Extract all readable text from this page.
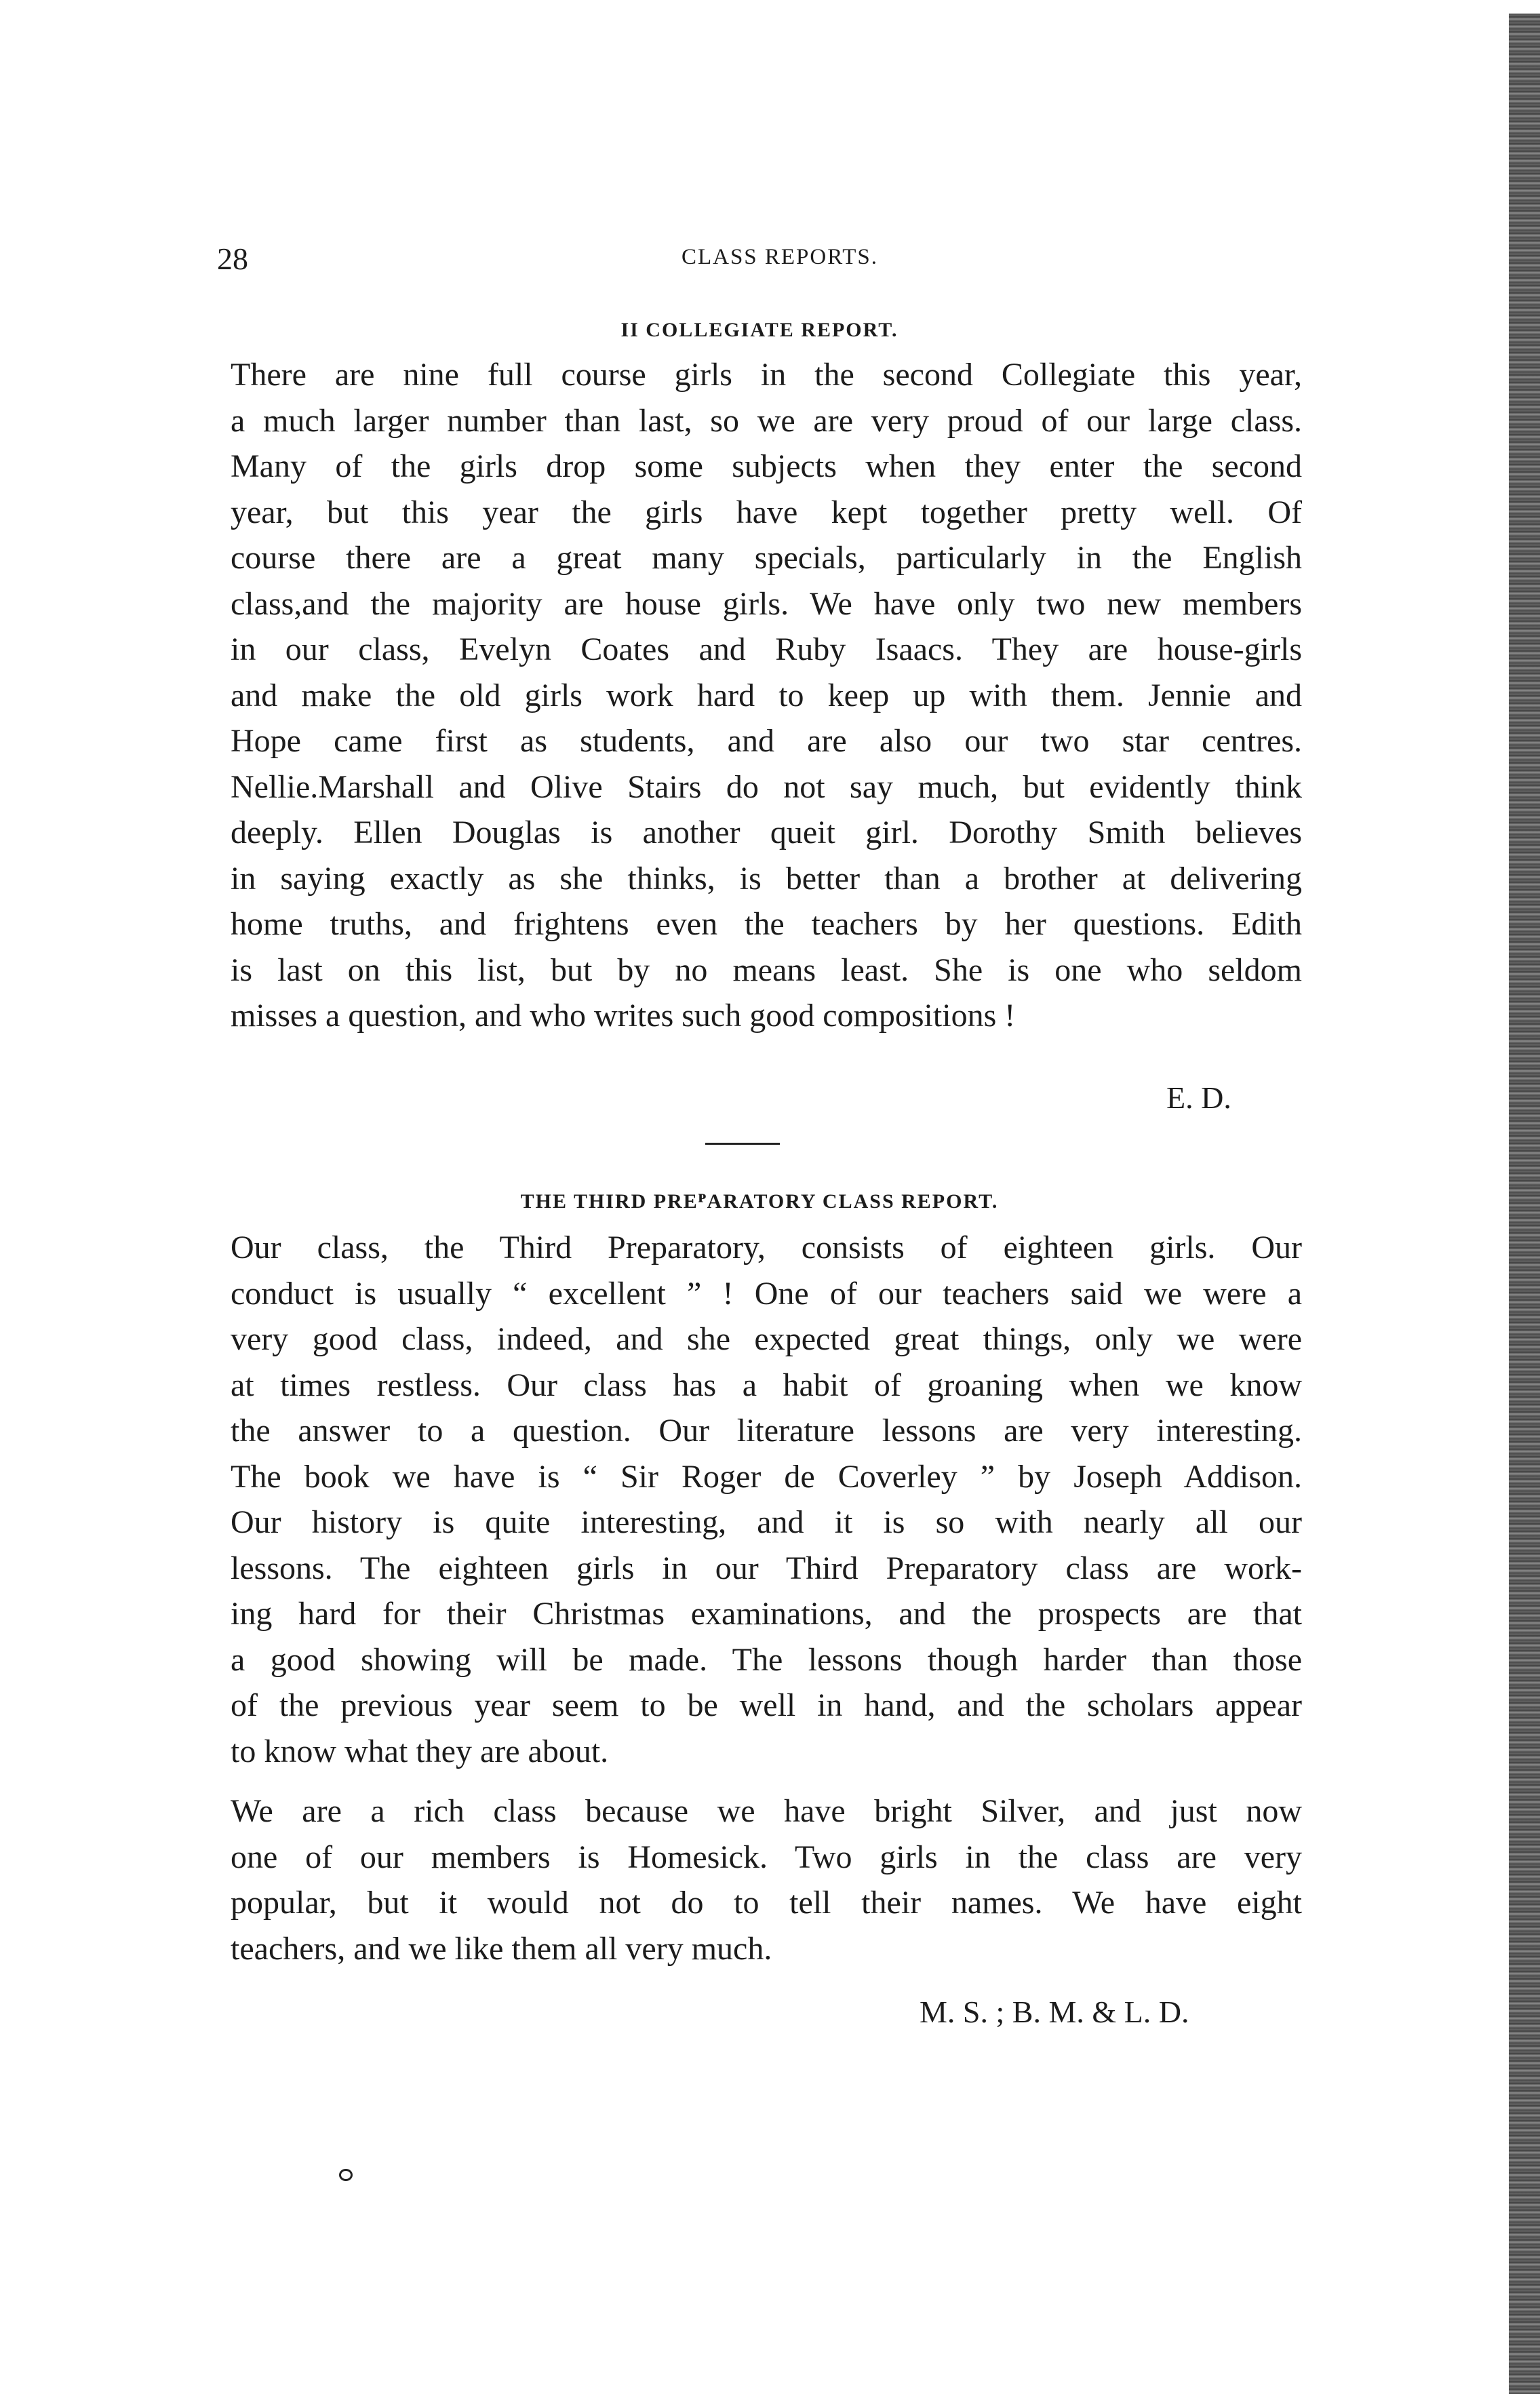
28	CLASS REPORTS.
II COLLEGIATE REPORT.
There are nine full course girls in the second Collegiate this year,
a much larger number than last, so we are very proud of our large class.
Many of the girls drop some subjects when they enter the second
year, but this year the girls have kept together pretty well. Of
course there are a great many specials, particularly in the English
class,and the majority are house girls. We have only two new members
in our class, Evelyn Coates and Ruby Isaacs. They are house-girls
and make the old girls work hard to keep up with them. Jennie and
Hope came first as students, and are also our two star centres.
Nellie.Marshall and Olive Stairs do not say much, but evidently think
deeply. Ellen Douglas is another queit girl. Dorothy Smith believes
in saying exactly as she thinks, is better than a brother at delivering
home truths, and frightens even the teachers by her questions. Edith
is last on this list, but by no means least. She is one who seldom
misses a question, and who writes such good compositions !
E. D.
THE THIRD PREᴾARATORY CLASS REPORT.
Our class, the Third Preparatory, consists of eighteen girls. Our
conduct is usually “ excellent ” ! One of our teachers said we were a
very good class, indeed, and she expected great things, only we were
at times restless. Our class has a habit of groaning when we know
the answer to a question. Our literature lessons are very interesting.
The book we have is “ Sir Roger de Coverley ” by Joseph Addison.
Our history is quite interesting, and it is so with nearly all our
lessons. The eighteen girls in our Third Preparatory class are work-
ing hard for their Christmas examinations, and the prospects are that
a good showing will be made. The lessons though harder than those
of the previous year seem to be well in hand, and the scholars appear
to know what they are about.
We are a rich class because we have bright Silver, and just now
one of our members is Homesick. Two girls in the class are very
popular, but it would not do to tell their names. We have eight
teachers, and we like them all very much.
M. S. ; B. M. & L. D.
